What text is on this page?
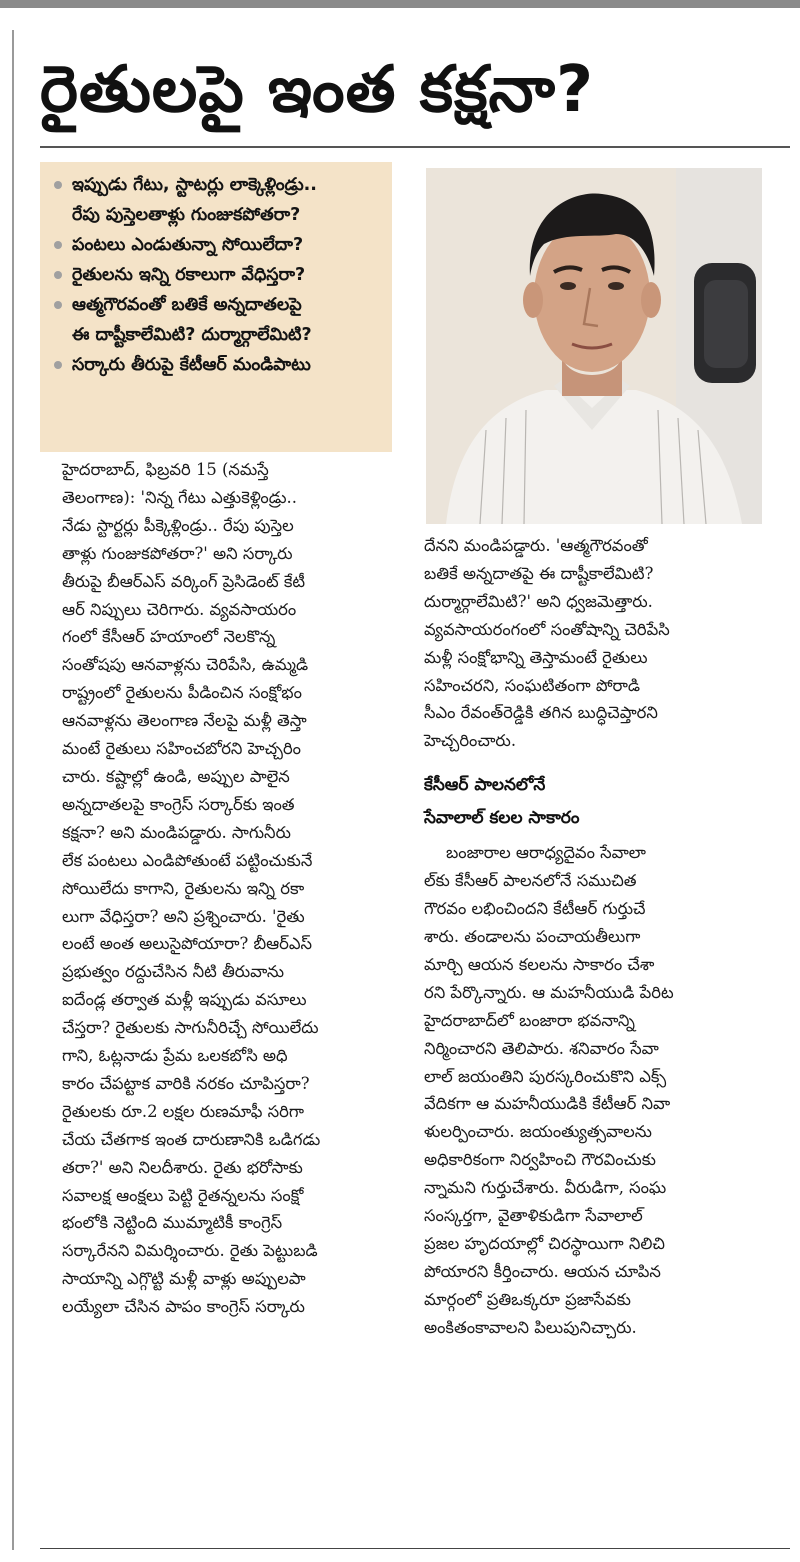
రైతులపై ఇంత కక్షనా?
ఇప్పుడు గేటు, స్టాటర్లు లాక్కెళ్లిండ్రు..
రేపు పుస్తెలతాళ్లు గుంజుకపోతరా?
పంటలు ఎండుతున్నా సోయిలేదా?
రైతులను ఇన్ని రకాలుగా వేధిస్తరా?
ఆత్మగౌరవంతో బతికే అన్నదాతలపై
ఈ దాష్టీకాలేమిటి? దుర్మార్గాలేమిటి?
సర్కారు తీరుపై కేటీఆర్ మండిపాటు

హైదరాబాద్, ఫిబ్రవరి 15 (నమస్తే
తెలంగాణ): 'నిన్న గేటు ఎత్తుకెళ్లిండ్రు..
నేడు స్టార్టర్లు పీక్కెళ్లిండ్రు.. రేపు పుస్తెల
తాళ్లు గుంజుకపోతరా?' అని సర్కారు
తీరుపై బీఆర్ఎస్ వర్కింగ్ ప్రెసిడెంట్ కేటీ
ఆర్ నిప్పులు చెరిగారు. వ్యవసాయరం
గంలో కేసీఆర్ హయాంలో నెలకొన్న
సంతోషపు ఆనవాళ్లను చెరిపేసి, ఉమ్మడి
రాష్ట్రంలో రైతులను పీడించిన సంక్షోభం
ఆనవాళ్లను తెలంగాణ నేలపై మళ్లీ తెస్తా
మంటే రైతులు సహించబోరని హెచ్చరిం
చారు. కష్టాల్లో ఉండి, అప్పుల పాలైన
అన్నదాతలపై కాంగ్రెస్ సర్కార్‌కు ఇంత
కక్షనా? అని మండిపడ్డారు. సాగునీరు
లేక పంటలు ఎండిపోతుంటే పట్టించుకునే
సోయిలేదు కాగాని, రైతులను ఇన్ని రకా
లుగా వేధిస్తరా? అని ప్రశ్నించారు. 'రైతు
లంటే అంత అలుసైపోయారా? బీఆర్ఎస్
ప్రభుత్వం రద్దుచేసిన నీటి తీరువాను
ఐదేండ్ల తర్వాత మళ్లీ ఇప్పుడు వసూలు
చేస్తరా? రైతులకు సాగునీరిచ్చే సోయిలేదు
గాని, ఓట్లనాడు ప్రేమ ఒలకబోసి అధి
కారం చేపట్టాక వారికి నరకం చూపిస్తరా?
రైతులకు రూ.2 లక్షల రుణమాఫీ సరిగా
చేయ చేతగాక ఇంత దారుణానికి ఒడిగడు
తరా?' అని నిలదీశారు. రైతు భరోసాకు
సవాలక్ష ఆంక్షలు పెట్టి రైతన్నలను సంక్షో
భంలోకి నెట్టింది ముమ్మాటికీ కాంగ్రెస్
సర్కారేనని విమర్శించారు. రైతు పెట్టుబడి
సాయాన్ని ఎగ్గొట్టి మళ్లీ వాళ్లు అప్పులపా
లయ్యేలా చేసిన పాపం కాంగ్రెస్ సర్కారు

దేనని మండిపడ్డారు. 'ఆత్మగౌరవంతో
బతికే అన్నదాతపై ఈ దాష్టీకాలేమిటి?
దుర్మార్గాలేమిటి?' అని ధ్వజమెత్తారు.
వ్యవసాయరంగంలో సంతోషాన్ని చెరిపేసి
మళ్లీ సంక్షోభాన్ని తెస్తామంటే రైతులు
సహించరని, సంఘటితంగా పోరాడి
సీఎం రేవంత్‌రెడ్డికి తగిన బుద్ధిచెప్తారని
హెచ్చరించారు.

కేసీఆర్ పాలనలోనే
సేవాలాల్ కలల సాకారం

బంజారాల ఆరాధ్యదైవం సేవాలా
ల్‌కు కేసీఆర్ పాలనలోనే సముచిత
గౌరవం లభించిందని కేటీఆర్ గుర్తుచే
శారు. తండాలను పంచాయతీలుగా
మార్చి ఆయన కలలను సాకారం చేశా
రని పేర్కొన్నారు. ఆ మహనీయుడి పేరిట
హైదరాబాద్‌లో బంజారా భవనాన్ని
నిర్మించారని తెలిపారు. శనివారం సేవా
లాల్ జయంతిని పురస్కరించుకొని ఎక్స్
వేదికగా ఆ మహనీయుడికి కేటీఆర్ నివా
ళులర్పించారు. జయంత్యుత్సవాలను
అధికారికంగా నిర్వహించి గౌరవించుకు
న్నామని గుర్తుచేశారు. వీరుడిగా, సంఘ
సంస్కర్తగా, వైతాళికుడిగా సేవాలాల్
ప్రజల హృదయాల్లో చిరస్థాయిగా నిలిచి
పోయారని కీర్తించారు. ఆయన చూపిన
మార్గంలో ప్రతిఒక్కరూ ప్రజాసేవకు
అంకితంకావాలని పిలుపునిచ్చారు.
